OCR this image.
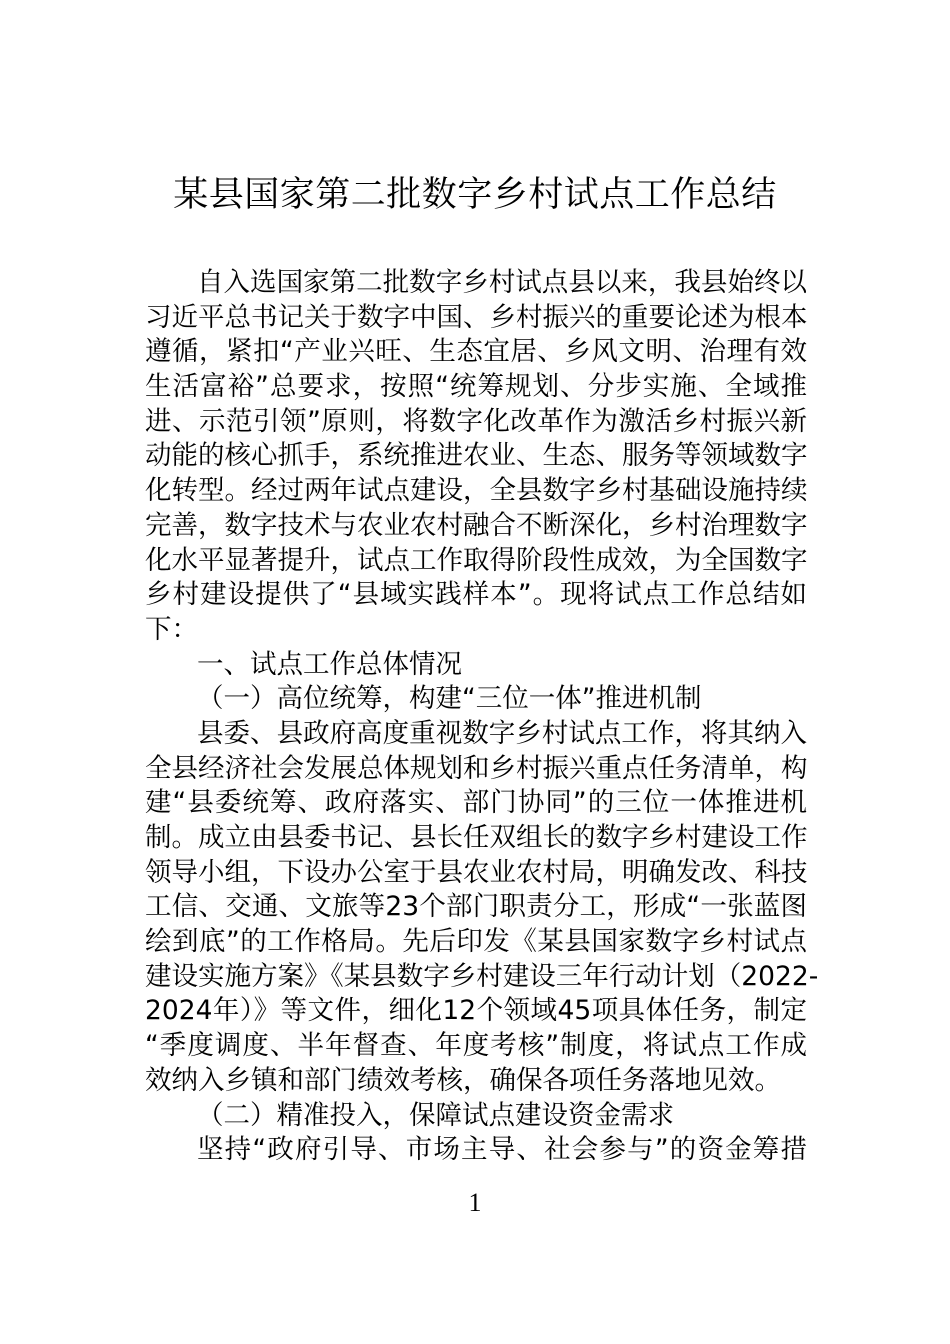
某县国家第二批数字乡村试点工作总结
自入选国家第二批数字乡村试点县以来，我县始终以
习近平总书记关于数字中国、乡村振兴的重要论述为根本
遵循，紧扣“产业兴旺、生态宜居、乡风文明、治理有效
生活富裕”总要求，按照“统筹规划、分步实施、全域推
进、示范引领”原则，将数字化改革作为激活乡村振兴新
动能的核心抓手，系统推进农业、生态、服务等领域数字
化转型。经过两年试点建设，全县数字乡村基础设施持续
完善，数字技术与农业农村融合不断深化，乡村治理数字
化水平显著提升，试点工作取得阶段性成效，为全国数字
乡村建设提供了“县域实践样本”。现将试点工作总结如
下：
一、试点工作总体情况
（一）高位统筹，构建“三位一体”推进机制
县委、县政府高度重视数字乡村试点工作，将其纳入
全县经济社会发展总体规划和乡村振兴重点任务清单，构
建“县委统筹、政府落实、部门协同”的三位一体推进机
制。成立由县委书记、县长任双组长的数字乡村建设工作
领导小组，下设办公室于县农业农村局，明确发改、科技
工信、交通、文旅等23个部门职责分工，形成“一张蓝图
绘到底”的工作格局。先后印发《某县国家数字乡村试点
建设实施方案》《某县数字乡村建设三年行动计划（2022-
2024年）》等文件，细化12个领域45项具体任务，制定
“季度调度、半年督查、年度考核”制度，将试点工作成
效纳入乡镇和部门绩效考核，确保各项任务落地见效。
（二）精准投入，保障试点建设资金需求
坚持“政府引导、市场主导、社会参与”的资金筹措
1
